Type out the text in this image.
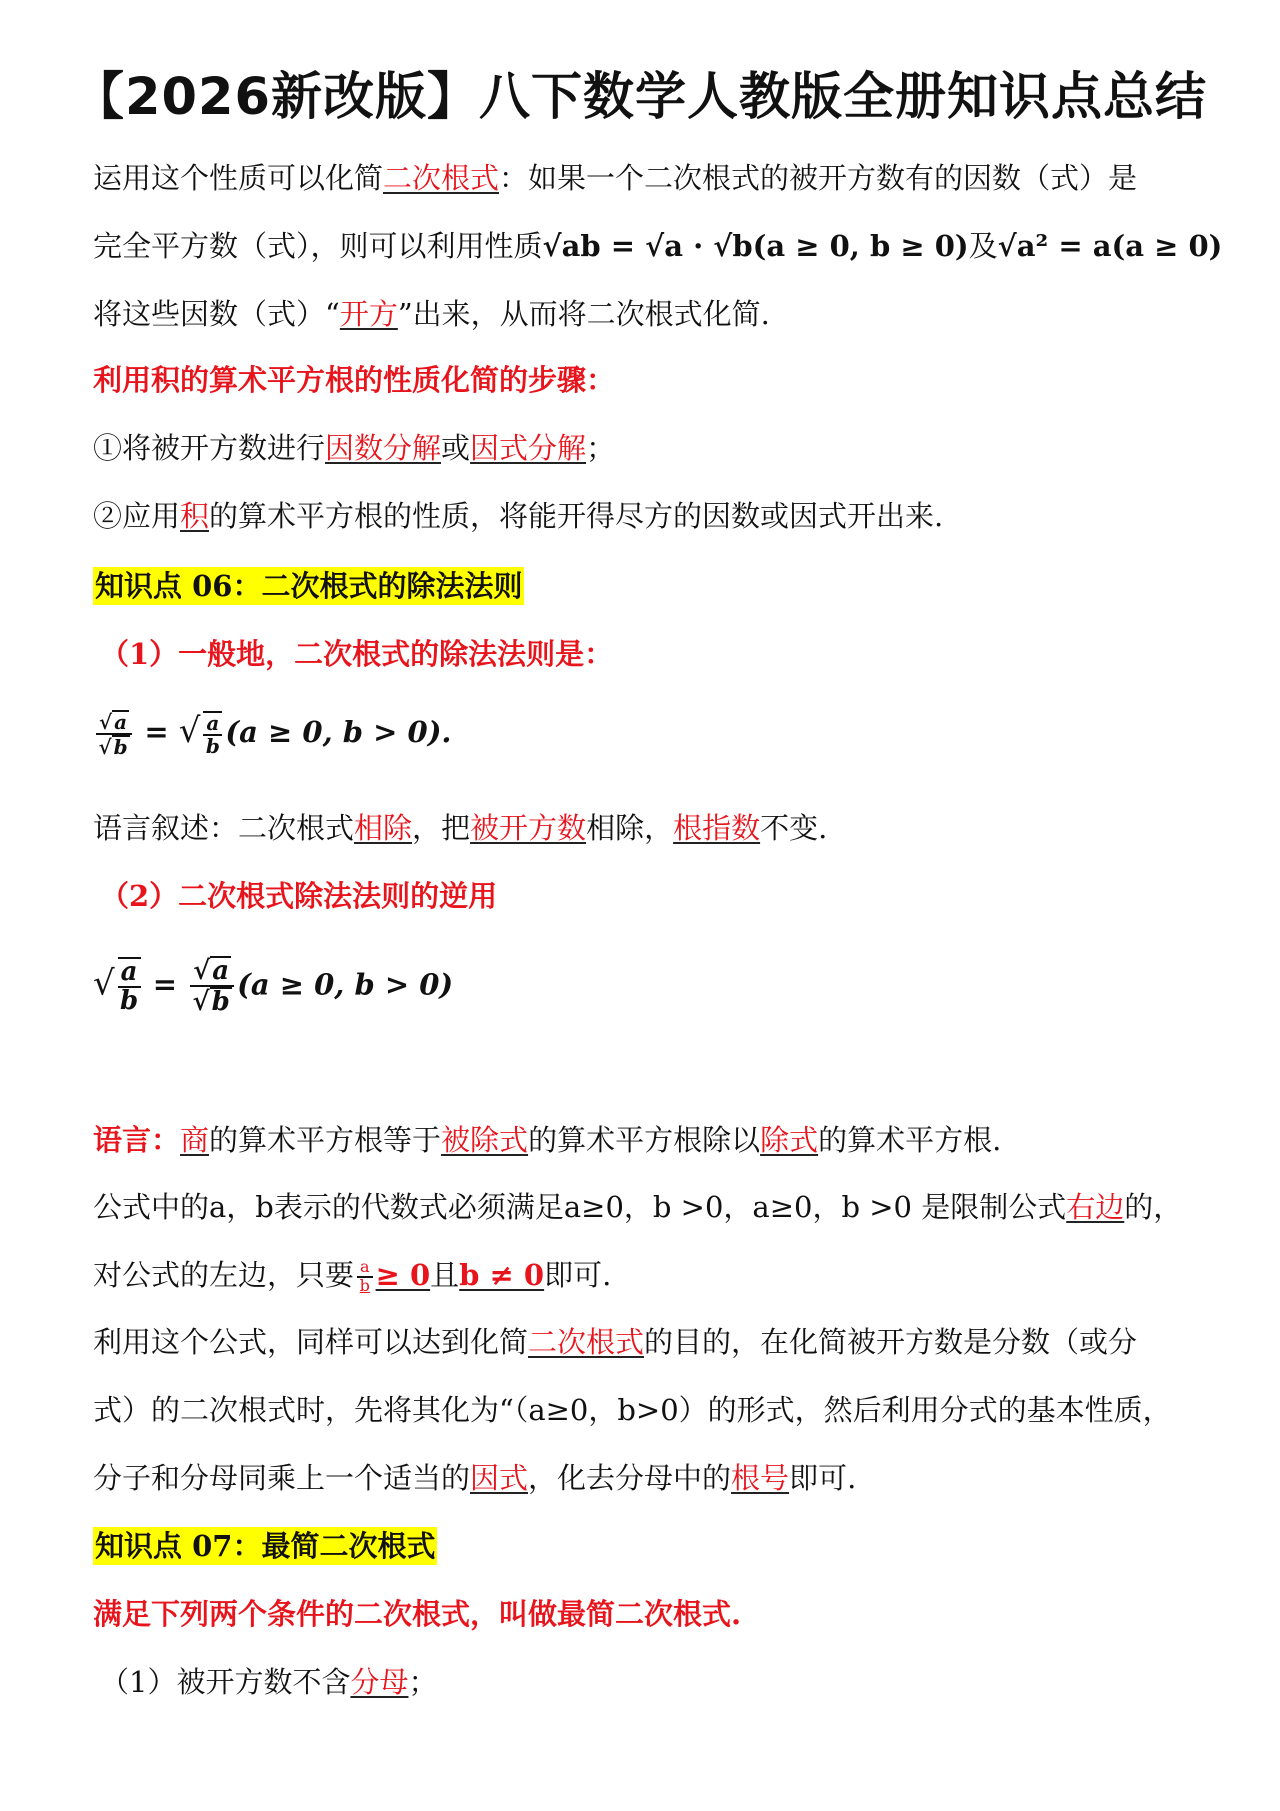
【2026新改版】八下数学人教版全册知识点总结
运用这个性质可以化简二次根式：如果一个二次根式的被开方数有的因数（式）是
完全平方数（式），则可以利用性质√ab = √a · √b(a ≥ 0, b ≥ 0)及√a² = a(a ≥ 0)
将这些因数（式）“开方”出来，从而将二次根式化简.
利用积的算术平方根的性质化简的步骤：
①将被开方数进行因数分解或因式分解；
②应用积的算术平方根的性质，将能开得尽方的因数或因式开出来.
知识点 06：二次根式的除法法则
（1）一般地，二次根式的除法法则是：
$\frac{√ a}{√ b}$ = √ $\frac{a}{b} (a \ge 0$, b > 0).
语言叙述：二次根式相除，把被开方数相除，根指数不变.
（2）二次根式除法法则的逆用
√ $\frac{a}{b} = \frac{√a}{√b} (a \ge 0$, b > 0)
语言：商的算术平方根等于被除式的算术平方根除以除式的算术平方根.
公式中的a，b表示的代数式必须满足a≥0，b >0，a≥0，b >0 是限制公式右边的，
对公式的左边，只要 $\frac{a}{b} \ge 0$且b ≠ 0即可.
利用这个公式，同样可以达到化简二次根式的目的，在化简被开方数是分数（或分
式）的二次根式时，先将其化为“（a≥0，b>0）的形式，然后利用分式的基本性质，
分子和分母同乘上一个适当的因式，化去分母中的根号即可.
知识点 07：最简二次根式
满足下列两个条件的二次根式，叫做最简二次根式.
（1）被开方数不含分母；
